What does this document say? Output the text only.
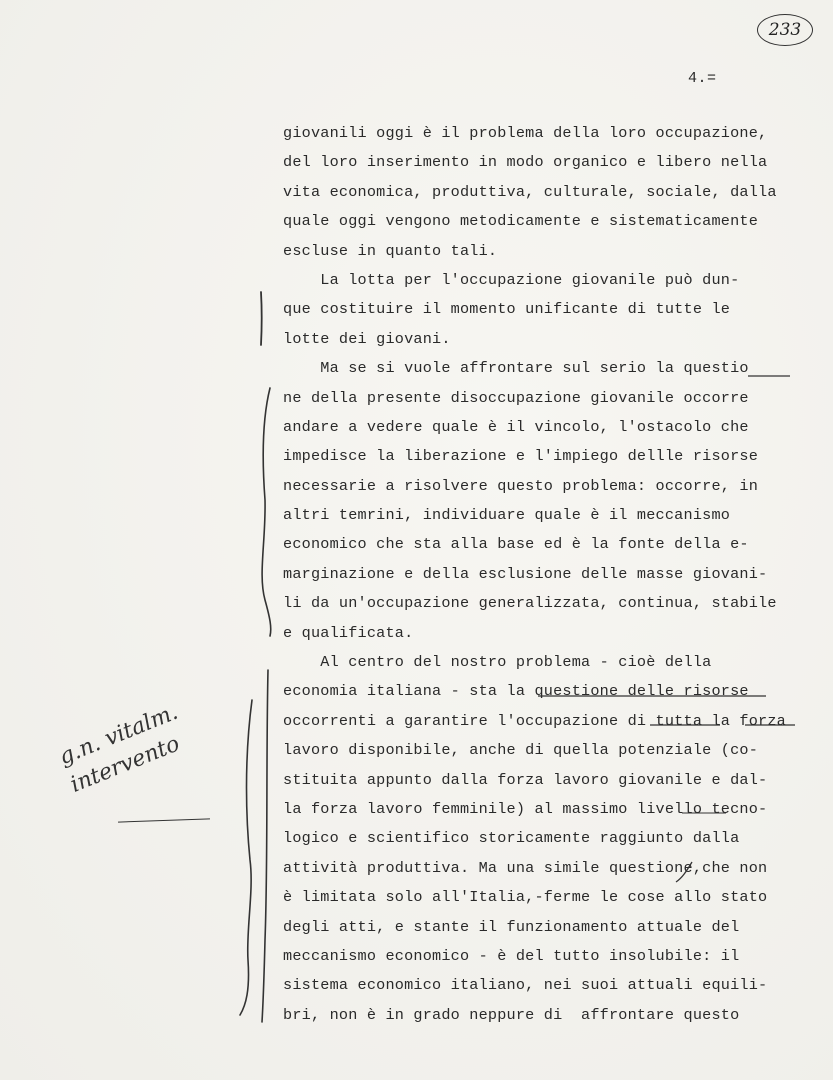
233
4.=
giovanili oggi è il problema della loro occupazione,
del loro inserimento in modo organico e libero nella
vita economica, produttiva, culturale, sociale, dalla
quale oggi vengono metodicamente e sistematicamente
escluse in quanto tali.
La lotta per l'occupazione giovanile può dun-
que costituire il momento unificante di tutte le
lotte dei giovani.
Ma se si vuole affrontare sul serio la questio
ne della presente disoccupazione giovanile occorre
andare a vedere quale è il vincolo, l'ostacolo che
impedisce la liberazione e l'impiego dellle risorse
necessarie a risolvere questo problema: occorre, in
altri temrini, individuare quale è il meccanismo
economico che sta alla base ed è la fonte della e-
marginazione e della esclusione delle masse giovani-
li da un'occupazione generalizzata, continua, stabile
e qualificata.
Al centro del nostro problema - cioè della
economia italiana - sta la questione delle risorse
occorrenti a garantire l'occupazione di tutta la forza
lavoro disponibile, anche di quella potenziale (co-
stituita appunto dalla forza lavoro giovanile e dal-
la forza lavoro femminile) al massimo livello tecno-
logico e scientifico storicamente raggiunto dalla
attività produttiva. Ma una simile questione,che non
è limitata solo all'Italia,-ferme le cose allo stato
degli atti, e stante il funzionamento attuale del
meccanismo economico - è del tutto insolubile: il
sistema economico italiano, nei suoi attuali equili-
bri, non è in grado neppure di  affrontare questo
g.n. vitalm.
intervento
